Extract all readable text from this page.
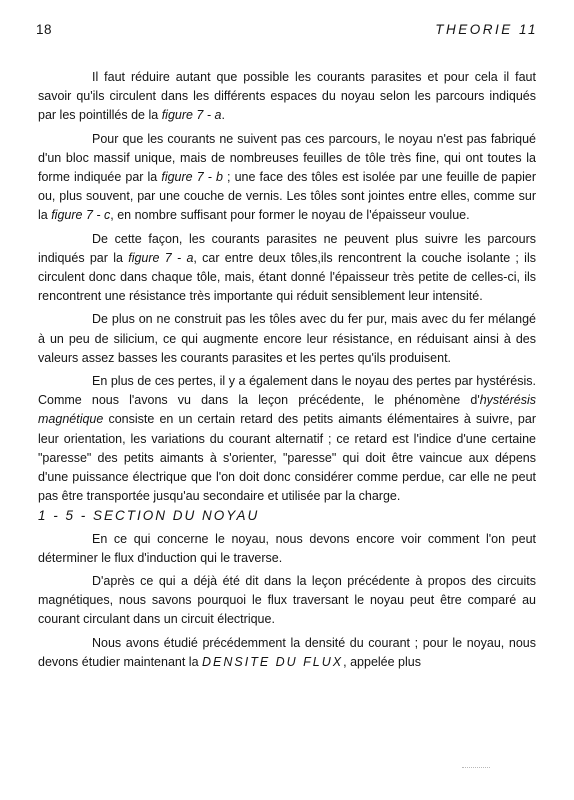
18	THEORIE 11

Il faut réduire autant que possible les courants parasites et pour cela il faut savoir qu'ils circulent dans les différents espaces du noyau selon les parcours indiqués par les pointillés de la figure 7 - a.

Pour que les courants ne suivent pas ces parcours, le noyau n'est pas fabriqué d'un bloc massif unique, mais de nombreuses feuilles de tôle très fine, qui ont toutes la forme indiquée par la figure 7 - b ; une face des tôles est isolée par une feuille de papier ou, plus souvent, par une couche de vernis. Les tôles sont jointes entre elles, comme sur la figure 7 - c, en nombre suffisant pour former le noyau de l'épaisseur voulue.

De cette façon, les courants parasites ne peuvent plus suivre les parcours indiqués par la figure 7 - a, car entre deux tôles,ils rencontrent la couche isolante ; ils circulent donc dans chaque tôle, mais, étant donné l'épaisseur très petite de celles-ci, ils rencontrent une résistance très importante qui réduit sensiblement leur intensité.

De plus on ne construit pas les tôles avec du fer pur, mais avec du fer mélangé à un peu de silicium, ce qui augmente encore leur résistance, en réduisant ainsi à des valeurs assez basses les courants parasites et les pertes qu'ils produisent.

En plus de ces pertes, il y a également dans le noyau des pertes par hystérésis. Comme nous l'avons vu dans la leçon précédente, le phénomène d'hystérésis magnétique consiste en un certain retard des petits aimants élémentaires à suivre, par leur orientation, les variations du courant alternatif ; ce retard est l'indice d'une certaine "paresse" des petits aimants à s'orienter, "paresse" qui doit être vaincue aux dépens d'une puissance électrique que l'on doit donc considérer comme perdue, car elle ne peut pas être transportée jusqu'au secondaire et utilisée par la charge.

1 - 5 - SECTION DU NOYAU

En ce qui concerne le noyau, nous devons encore voir comment l'on peut déterminer le flux d'induction qui le traverse.

D'après ce qui a déjà été dit dans la leçon précédente à propos des circuits magnétiques, nous savons pourquoi le flux traversant le noyau peut être comparé au courant circulant dans un circuit électrique.

Nous avons étudié précédemment la densité du courant ; pour le noyau, nous devons étudier maintenant la DENSITE DU FLUX, appelée plus
